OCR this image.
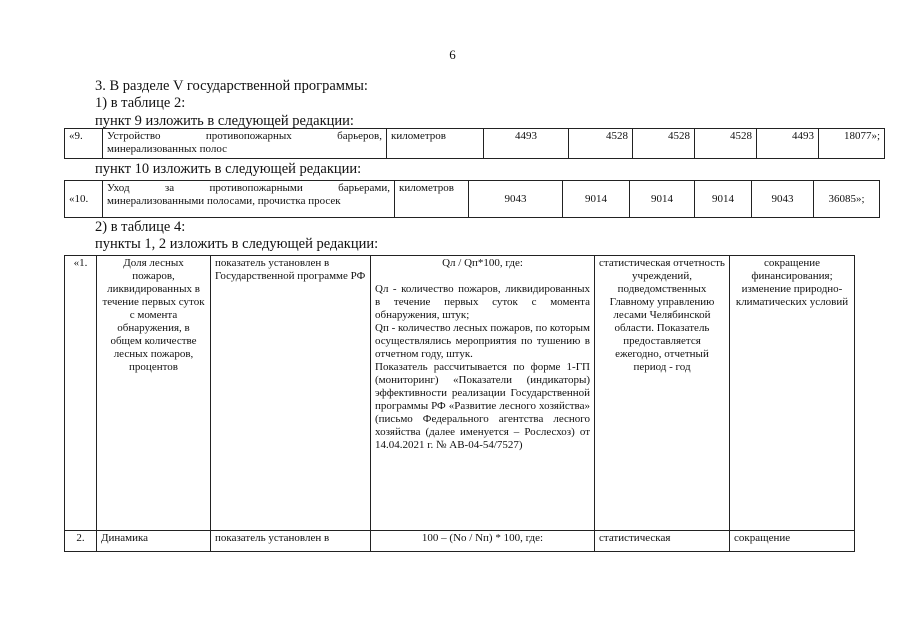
6
3. В разделе V государственной программы:
1) в таблице 2:
пункт 9 изложить в следующей редакции:
«9.	Устройство противопожарных барьеров, минерализованных полос	километров	4493	4528	4528	4528	4493	18077»;
пункт 10 изложить в следующей редакции:
«10.	Уход за противопожарными барьерами, минерализованными полосами, прочистка просек	километров	9043	9014	9014	9014	9043	36085»;
2) в таблице 4:
пункты 1, 2 изложить в следующей редакции:
«1.	Доля лесных пожаров, ликвидированных в течение первых суток с момента обнаружения, в общем количестве лесных пожаров, процентов	показатель установлен в Государственной программе РФ	Qл / Qп*100, где:
Qл - количество пожаров, ликвидированных в течение первых суток с момента обнаружения, штук;
Qп - количество лесных пожаров, по которым осуществлялись мероприятия по тушению в отчетном году, штук.
Показатель рассчитывается по форме 1-ГП (мониторинг) «Показатели (индикаторы) эффективности реализации Государственной программы РФ «Развитие лесного хозяйства» (письмо Федерального агентства лесного хозяйства (далее именуется – Рослесхоз) от 14.04.2021 г. № АВ-04-54/7527)	статистическая отчетность учреждений, подведомственных Главному управлению лесами Челябинской области. Показатель предоставляется ежегодно, отчетный период - год	сокращение финансирования; изменение природно-климатических условий
2.	Динамика	показатель установлен в	100 – (Nо / Nп) * 100, где:	статистическая	сокращение
